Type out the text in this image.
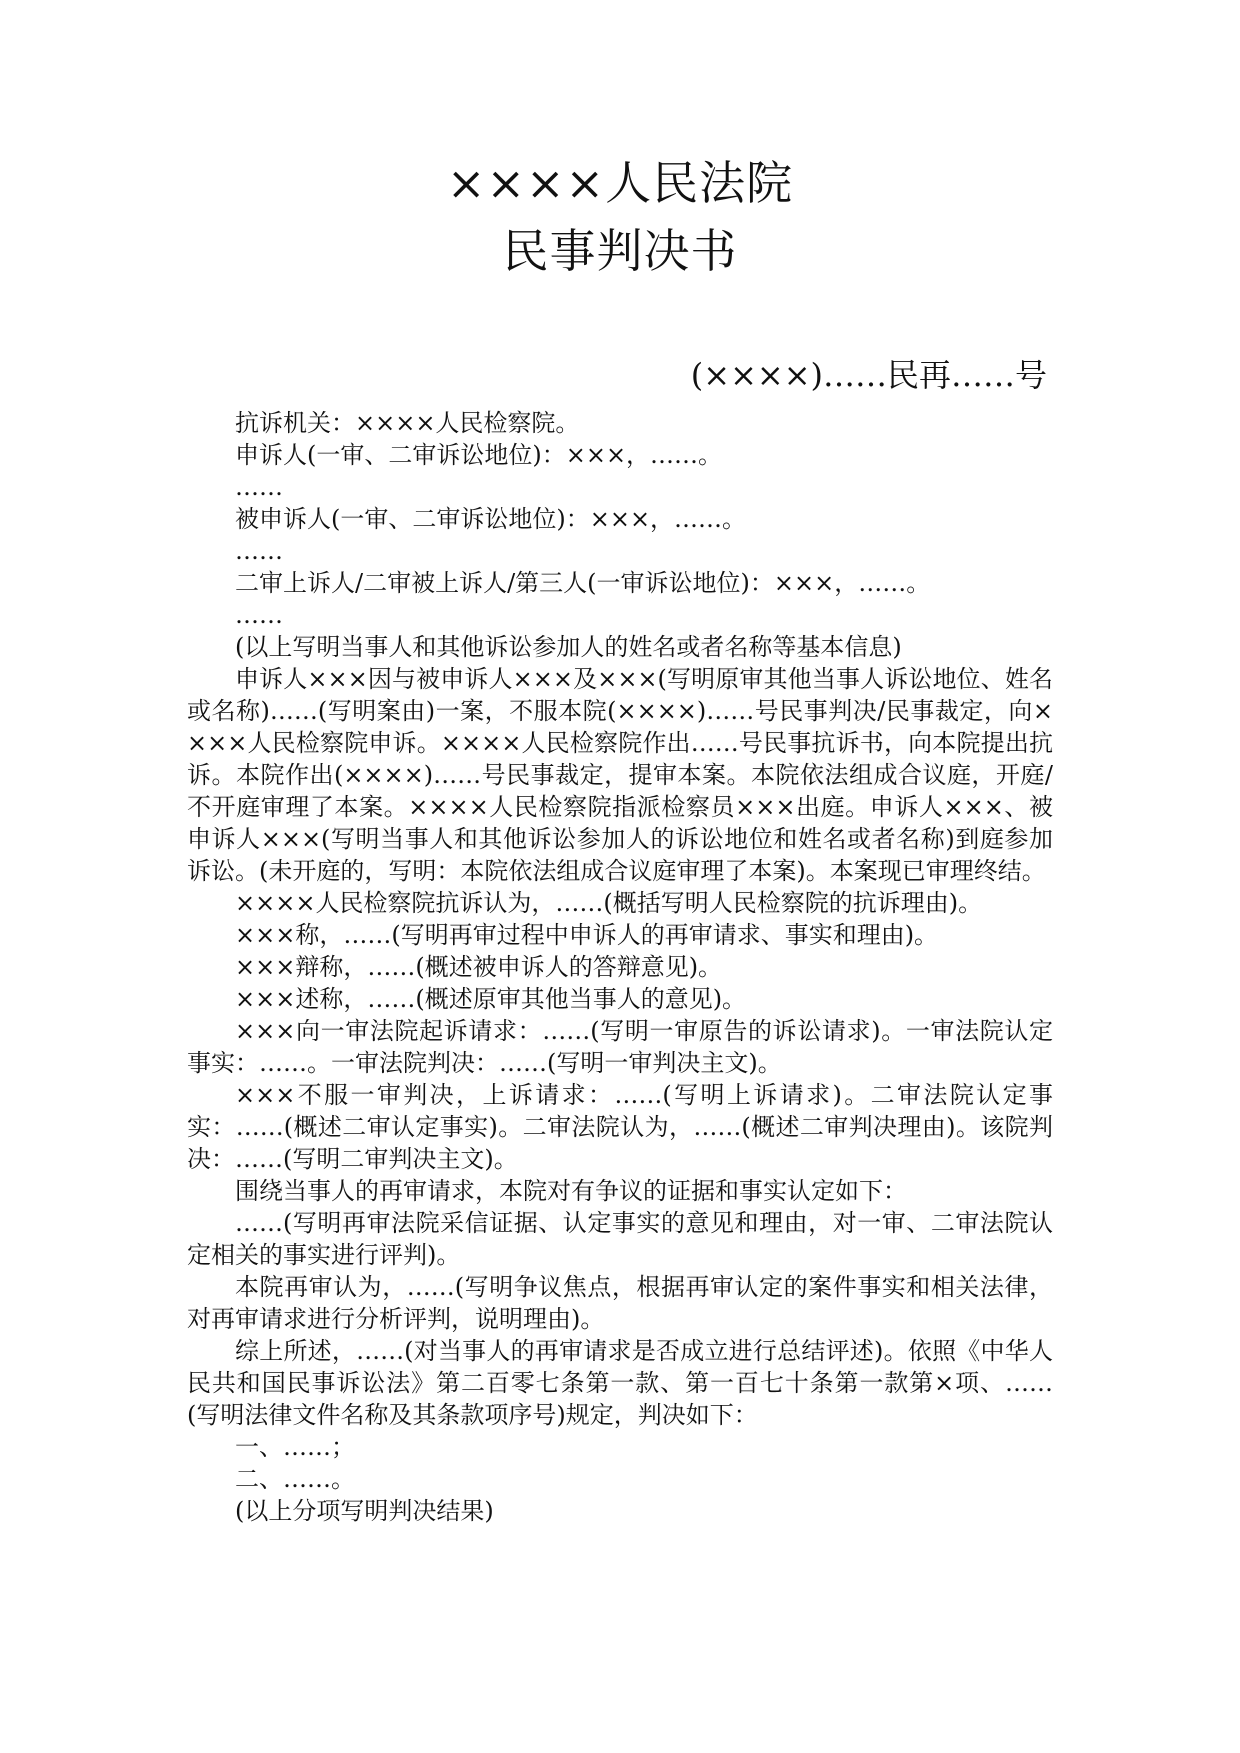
××××人民法院
民事判决书
(××××)……民再……号

抗诉机关：××××人民检察院。

申诉人(一审、二审诉讼地位)：×××，……。

……

被申诉人(一审、二审诉讼地位)：×××，……。

……

二审上诉人/二审被上诉人/第三人(一审诉讼地位)：×××，……。

……

(以上写明当事人和其他诉讼参加人的姓名或者名称等基本信息)

申诉人×××因与被申诉人×××及×××(写明原审其他当事人诉讼地位、姓名或名称)……(写明案由)一案，不服本院(××××)……号民事判决/民事裁定，向××××人民检察院申诉。××××人民检察院作出……号民事抗诉书，向本院提出抗诉。本院作出(××××)……号民事裁定，提审本案。本院依法组成合议庭，开庭/不开庭审理了本案。××××人民检察院指派检察员×××出庭。申诉人×××、被申诉人×××(写明当事人和其他诉讼参加人的诉讼地位和姓名或者名称)到庭参加诉讼。(未开庭的，写明：本院依法组成合议庭审理了本案)。本案现已审理终结。

××××人民检察院抗诉认为，……(概括写明人民检察院的抗诉理由)。

×××称，……(写明再审过程中申诉人的再审请求、事实和理由)。

×××辩称，……(概述被申诉人的答辩意见)。

×××述称，……(概述原审其他当事人的意见)。

×××向一审法院起诉请求：……(写明一审原告的诉讼请求)。一审法院认定事实：……。一审法院判决：……(写明一审判决主文)。

×××不服一审判决，上诉请求：……(写明上诉请求)。二审法院认定事实：……(概述二审认定事实)。二审法院认为，……(概述二审判决理由)。该院判决：……(写明二审判决主文)。

围绕当事人的再审请求，本院对有争议的证据和事实认定如下：

……(写明再审法院采信证据、认定事实的意见和理由，对一审、二审法院认定相关的事实进行评判)。

本院再审认为，……(写明争议焦点，根据再审认定的案件事实和相关法律，对再审请求进行分析评判，说明理由)。

综上所述，……(对当事人的再审请求是否成立进行总结评述)。依照《中华人民共和国民事诉讼法》第二百零七条第一款、第一百七十条第一款第×项、……(写明法律文件名称及其条款项序号)规定，判决如下：

一、……；

二、……。

(以上分项写明判决结果)
